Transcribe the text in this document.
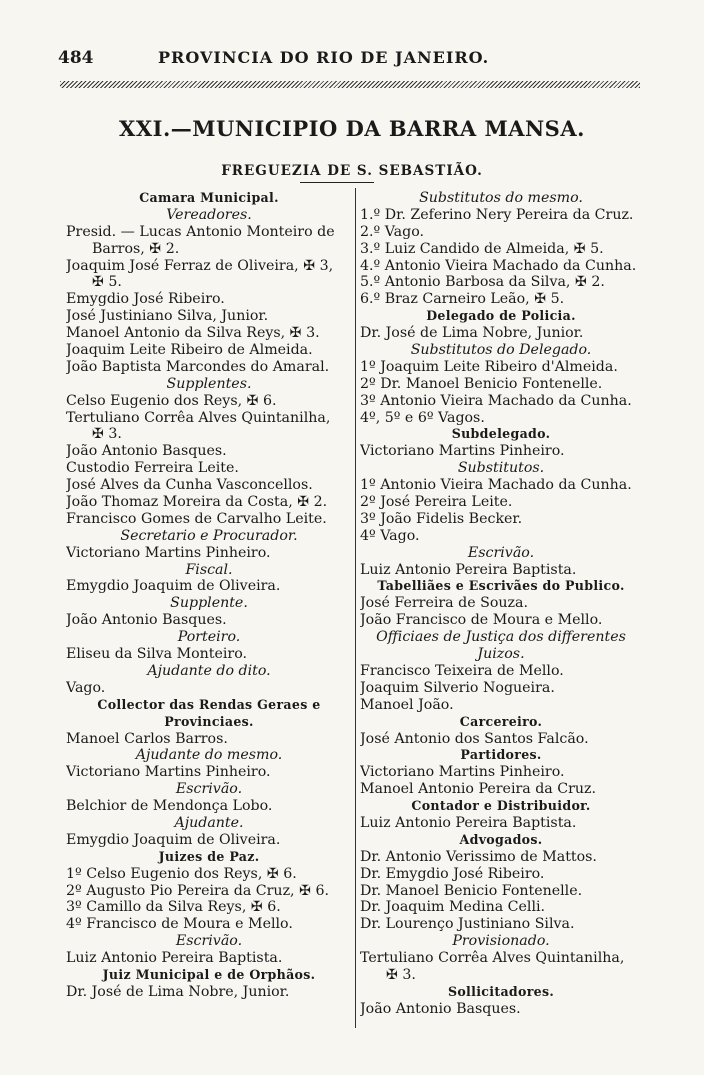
484	PROVINCIA DO RIO DE JANEIRO.
XXI.—MUNICIPIO DA BARRA MANSA.
FREGUEZIA DE S. SEBASTIÃO.
Camara Municipal.
Vereadores.
Presid. — Lucas Antonio Monteiro de
Barros, ✠ 2.
Joaquim José Ferraz de Oliveira, ✠ 3,
✠ 5.
Emygdio José Ribeiro.
José Justiniano Silva, Junior.
Manoel Antonio da Silva Reys, ✠ 3.
Joaquim Leite Ribeiro de Almeida.
João Baptista Marcondes do Amaral.
Supplentes.
Celso Eugenio dos Reys, ✠ 6.
Tertuliano Corrêa Alves Quintanilha,
✠ 3.
João Antonio Basques.
Custodio Ferreira Leite.
José Alves da Cunha Vasconcellos.
João Thomaz Moreira da Costa, ✠ 2.
Francisco Gomes de Carvalho Leite.
Secretario e Procurador.
Victoriano Martins Pinheiro.
Fiscal.
Emygdio Joaquim de Oliveira.
Supplente.
João Antonio Basques.
Porteiro.
Eliseu da Silva Monteiro.
Ajudante do dito.
Vago.
Collector das Rendas Geraes e
Provinciaes.
Manoel Carlos Barros.
Ajudante do mesmo.
Victoriano Martins Pinheiro.
Escrivão.
Belchior de Mendonça Lobo.
Ajudante.
Emygdio Joaquim de Oliveira.
Juizes de Paz.
1º Celso Eugenio dos Reys, ✠ 6.
2º Augusto Pio Pereira da Cruz, ✠ 6.
3º Camillo da Silva Reys, ✠ 6.
4º Francisco de Moura e Mello.
Escrivão.
Luiz Antonio Pereira Baptista.
Juiz Municipal e de Orphãos.
Dr. José de Lima Nobre, Junior.
Substitutos do mesmo.
1.º Dr. Zeferino Nery Pereira da Cruz.
2.º Vago.
3.º Luiz Candido de Almeida, ✠ 5.
4.º Antonio Vieira Machado da Cunha.
5.º Antonio Barbosa da Silva, ✠ 2.
6.º Braz Carneiro Leão, ✠ 5.
Delegado de Policia.
Dr. José de Lima Nobre, Junior.
Substitutos do Delegado.
1º Joaquim Leite Ribeiro d'Almeida.
2º Dr. Manoel Benicio Fontenelle.
3º Antonio Vieira Machado da Cunha.
4º, 5º e 6º Vagos.
Subdelegado.
Victoriano Martins Pinheiro.
Substitutos.
1º Antonio Vieira Machado da Cunha.
2º José Pereira Leite.
3º João Fidelis Becker.
4º Vago.
Escrivão.
Luiz Antonio Pereira Baptista.
Tabelliães e Escrivães do Publico.
José Ferreira de Souza.
João Francisco de Moura e Mello.
Officiaes de Justiça dos differentes
Juizos.
Francisco Teixeira de Mello.
Joaquim Silverio Nogueira.
Manoel João.
Carcereiro.
José Antonio dos Santos Falcão.
Partidores.
Victoriano Martins Pinheiro.
Manoel Antonio Pereira da Cruz.
Contador e Distribuidor.
Luiz Antonio Pereira Baptista.
Advogados.
Dr. Antonio Verissimo de Mattos.
Dr. Emygdio José Ribeiro.
Dr. Manoel Benicio Fontenelle.
Dr. Joaquim Medina Celli.
Dr. Lourenço Justiniano Silva.
Provisionado.
Tertuliano Corrêa Alves Quintanilha,
✠ 3.
Sollicitadores.
João Antonio Basques.
